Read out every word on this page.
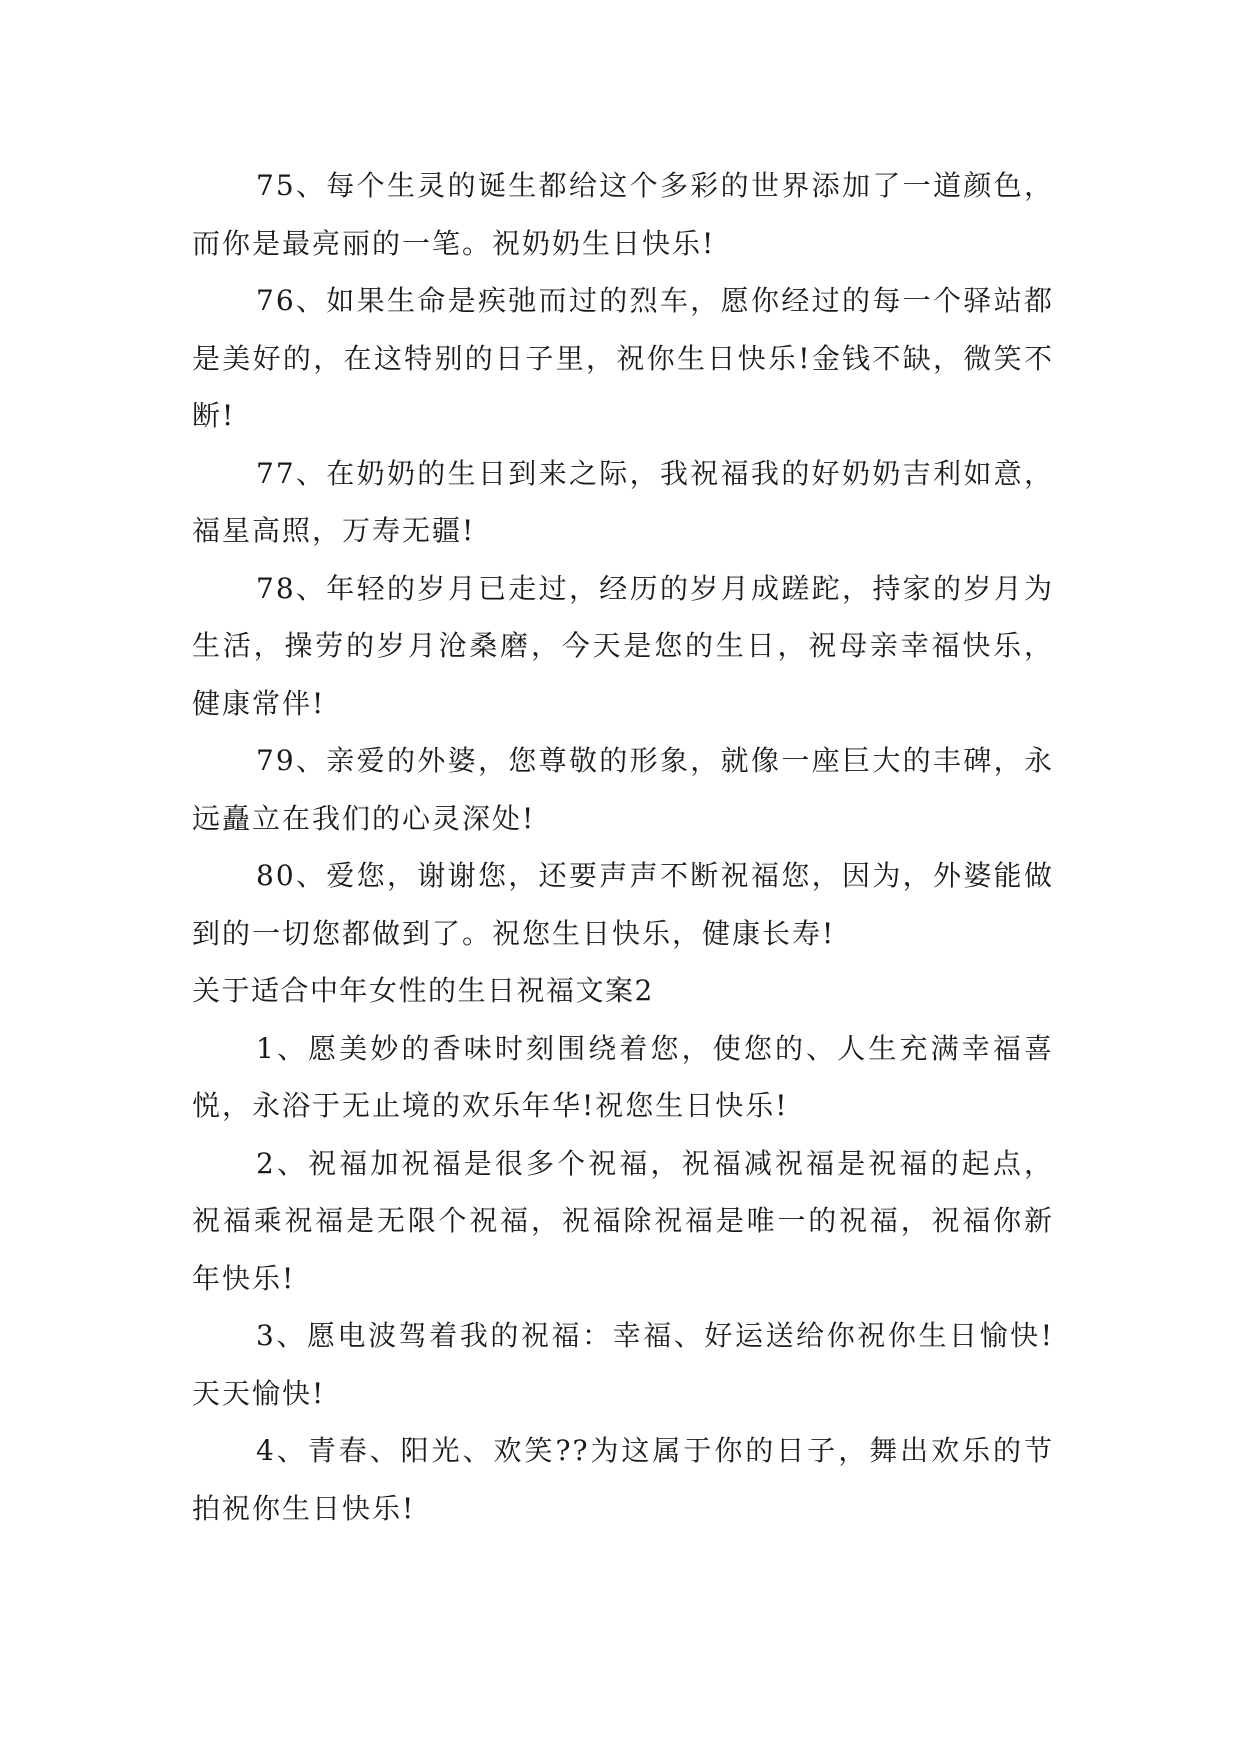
75、每个生灵的诞生都给这个多彩的世界添加了一道颜色，而你是最亮丽的一笔。祝奶奶生日快乐!

76、如果生命是疾弛而过的烈车，愿你经过的每一个驿站都是美好的，在这特别的日子里，祝你生日快乐!金钱不缺，微笑不断!

77、在奶奶的生日到来之际，我祝福我的好奶奶吉利如意，福星高照，万寿无疆!

78、年轻的岁月已走过，经历的岁月成蹉跎，持家的岁月为生活，操劳的岁月沧桑磨，今天是您的生日，祝母亲幸福快乐，健康常伴!

79、亲爱的外婆，您尊敬的形象，就像一座巨大的丰碑，永远矗立在我们的心灵深处!

80、爱您，谢谢您，还要声声不断祝福您，因为，外婆能做到的一切您都做到了。祝您生日快乐，健康长寿!

关于适合中年女性的生日祝福文案2

1、愿美妙的香味时刻围绕着您，使您的、人生充满幸福喜悦，永浴于无止境的欢乐年华!祝您生日快乐!

2、祝福加祝福是很多个祝福，祝福减祝福是祝福的起点，祝福乘祝福是无限个祝福，祝福除祝福是唯一的祝福，祝福你新年快乐!

3、愿电波驾着我的祝福：幸福、好运送给你祝你生日愉快!天天愉快!

4、青春、阳光、欢笑??为这属于你的日子，舞出欢乐的节拍祝你生日快乐!
